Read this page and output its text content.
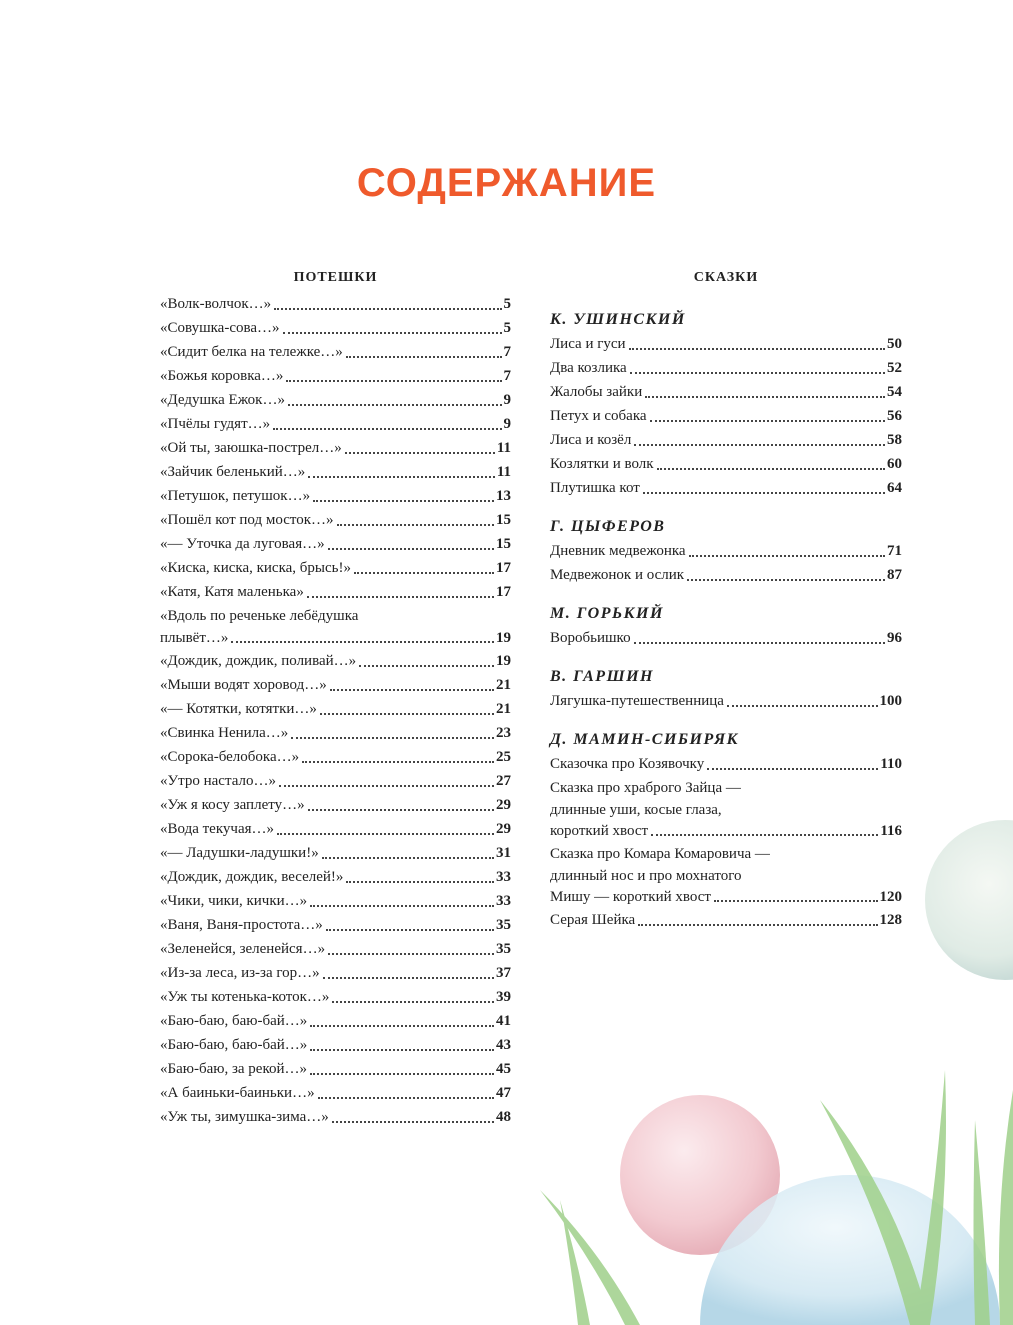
СОДЕРЖАНИЕ
ПОТЕШКИ
«Волк-волчок…»	5
«Совушка-сова…»	5
«Сидит белка на тележке…»	7
«Божья коровка…»	7
«Дедушка Ежок…»	9
«Пчёлы гудят…»	9
«Ой ты, заюшка-пострел…»	11
«Зайчик беленький…»	11
«Петушок, петушок…»	13
«Пошёл кот под мосток…»	15
«— Уточка да луговая…»	15
«Киска, киска, киска, брысь!»	17
«Катя, Катя маленька»	17
«Вдоль по реченьке лебёдушка
плывёт…»	19
«Дождик, дождик, поливай…»	19
«Мыши водят хоровод…»	21
«— Котятки, котятки…»	21
«Свинка Ненила…»	23
«Сорока-белобока…»	25
«Утро настало…»	27
«Уж я косу заплету…»	29
«Вода текучая…»	29
«— Ладушки-ладушки!»	31
«Дождик, дождик, веселей!»	33
«Чики, чики, кички…»	33
«Ваня, Ваня-простота…»	35
«Зеленейся, зеленейся…»	35
«Из-за леса, из-за гор…»	37
«Уж ты котенька-коток…»	39
«Баю-баю, баю-бай…»	41
«Баю-баю, баю-бай…»	43
«Баю-баю, за рекой…»	45
«А баиньки-баиньки…»	47
«Уж ты, зимушка-зима…»	48
СКАЗКИ
К. УШИНСКИЙ
Лиса и гуси	50
Два козлика	52
Жалобы зайки	54
Петух и собака	56
Лиса и козёл	58
Козлятки и волк	60
Плутишка кот	64
Г. ЦЫФЕРОВ
Дневник медвежонка	71
Медвежонок и ослик	87
М. ГОРЬКИЙ
Воробьишко	96
В. ГАРШИН
Лягушка-путешественница	100
Д. МАМИН-СИБИРЯК
Сказочка про Козявочку	110
Сказка про храброго Зайца —
длинные уши, косые глаза,
короткий хвост	116
Сказка про Комара Комаровича —
длинный нос и про мохнатого
Мишу — короткий хвост	120
Серая Шейка	128
